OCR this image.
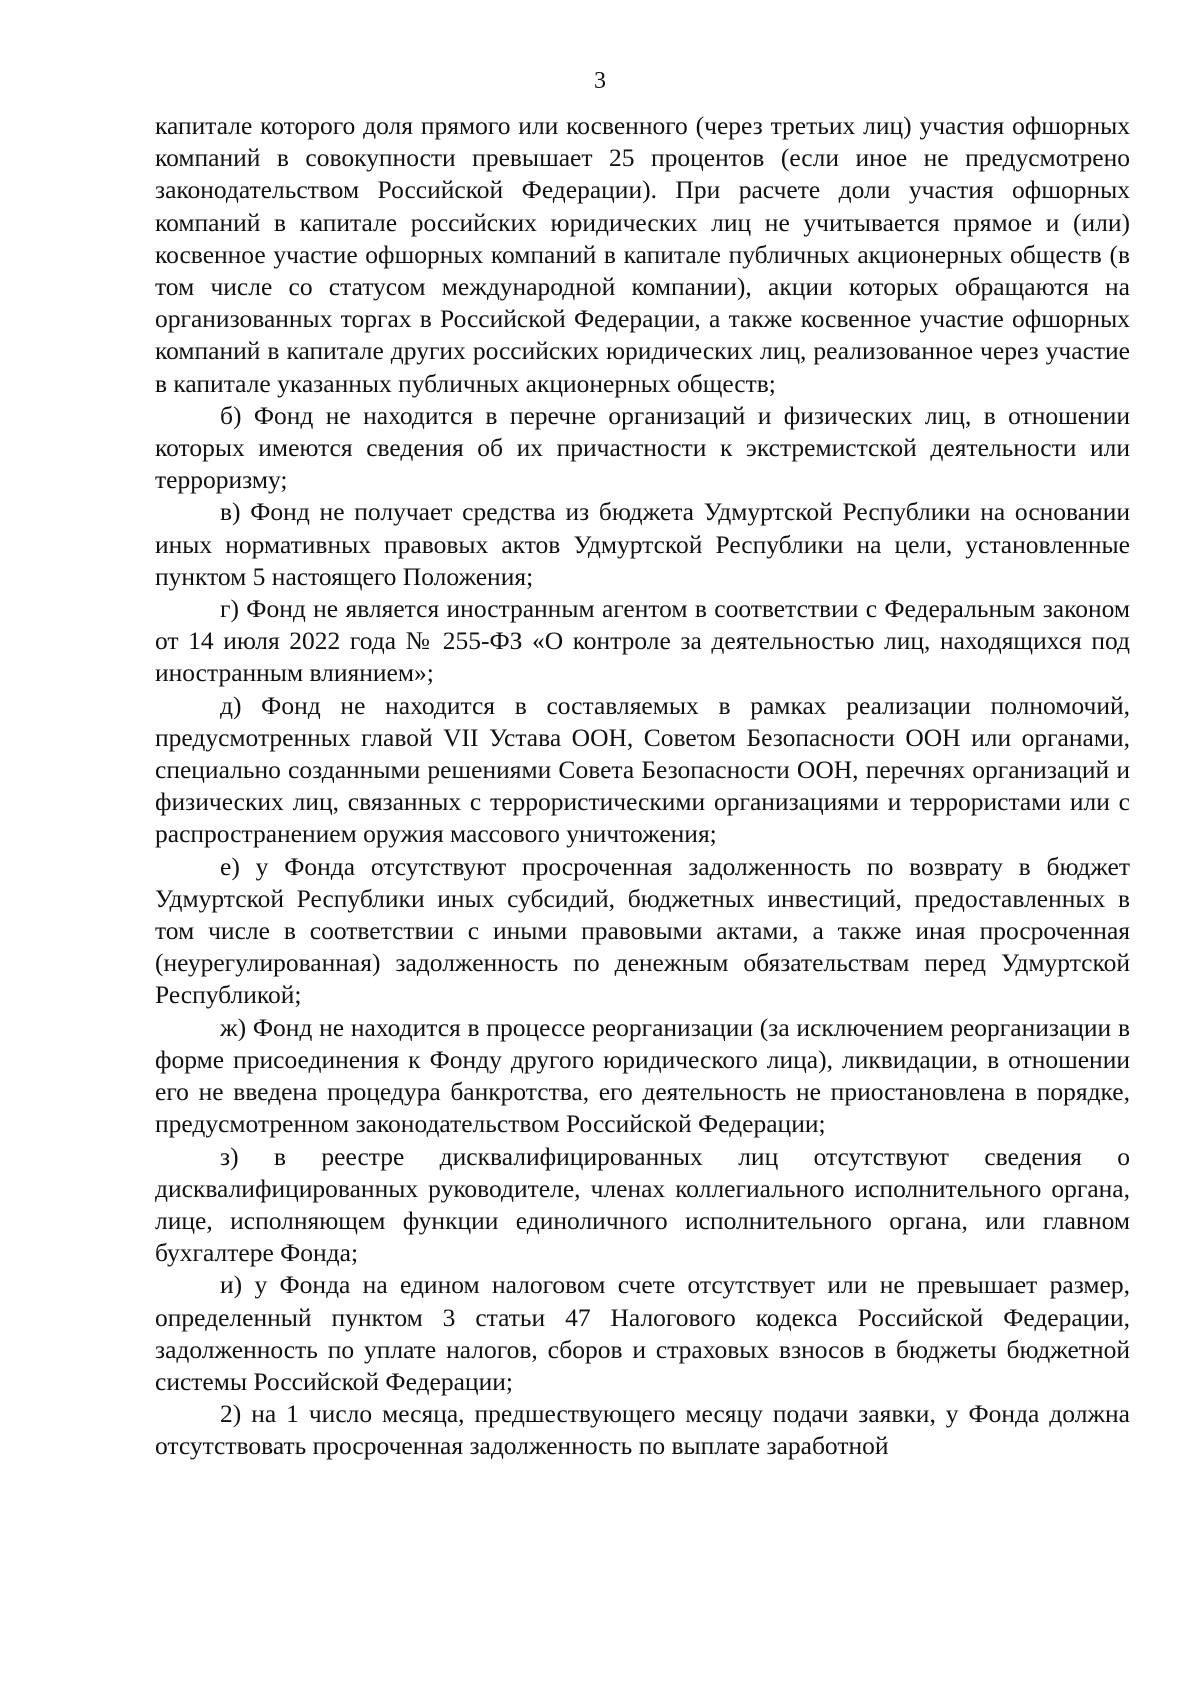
3

капитале которого доля прямого или косвенного (через третьих лиц) участия офшорных компаний в совокупности превышает 25 процентов (если иное не предусмотрено законодательством Российской Федерации). При расчете доли участия офшорных компаний в капитале российских юридических лиц не учитывается прямое и (или) косвенное участие офшорных компаний в капитале публичных акционерных обществ (в том числе со статусом международной компании), акции которых обращаются на организованных торгах в Российской Федерации, а также косвенное участие офшорных компаний в капитале других российских юридических лиц, реализованное через участие в капитале указанных публичных акционерных обществ;

б) Фонд не находится в перечне организаций и физических лиц, в отношении которых имеются сведения об их причастности к экстремистской деятельности или терроризму;

в) Фонд не получает средства из бюджета Удмуртской Республики на основании иных нормативных правовых актов Удмуртской Республики на цели, установленные пунктом 5 настоящего Положения;

г) Фонд не является иностранным агентом в соответствии с Федеральным законом от 14 июля 2022 года № 255-ФЗ «О контроле за деятельностью лиц, находящихся под иностранным влиянием»;

д) Фонд не находится в составляемых в рамках реализации полномочий, предусмотренных главой VII Устава ООН, Советом Безопасности ООН или органами, специально созданными решениями Совета Безопасности ООН, перечнях организаций и физических лиц, связанных с террористическими организациями и террористами или с распространением оружия массового уничтожения;

е) у Фонда отсутствуют просроченная задолженность по возврату в бюджет Удмуртской Республики иных субсидий, бюджетных инвестиций, предоставленных в том числе в соответствии с иными правовыми актами, а также иная просроченная (неурегулированная) задолженность по денежным обязательствам перед Удмуртской Республикой;

ж) Фонд не находится в процессе реорганизации (за исключением реорганизации в форме присоединения к Фонду другого юридического лица), ликвидации, в отношении его не введена процедура банкротства, его деятельность не приостановлена в порядке, предусмотренном законодательством Российской Федерации;

з) в реестре дисквалифицированных лиц отсутствуют сведения о дисквалифицированных руководителе, членах коллегиального исполнительного органа, лице, исполняющем функции единоличного исполнительного органа, или главном бухгалтере Фонда;

и) у Фонда на едином налоговом счете отсутствует или не превышает размер, определенный пунктом 3 статьи 47 Налогового кодекса Российской Федерации, задолженность по уплате налогов, сборов и страховых взносов в бюджеты бюджетной системы Российской Федерации;

2) на 1 число месяца, предшествующего месяцу подачи заявки, у Фонда должна отсутствовать просроченная задолженность по выплате заработной
